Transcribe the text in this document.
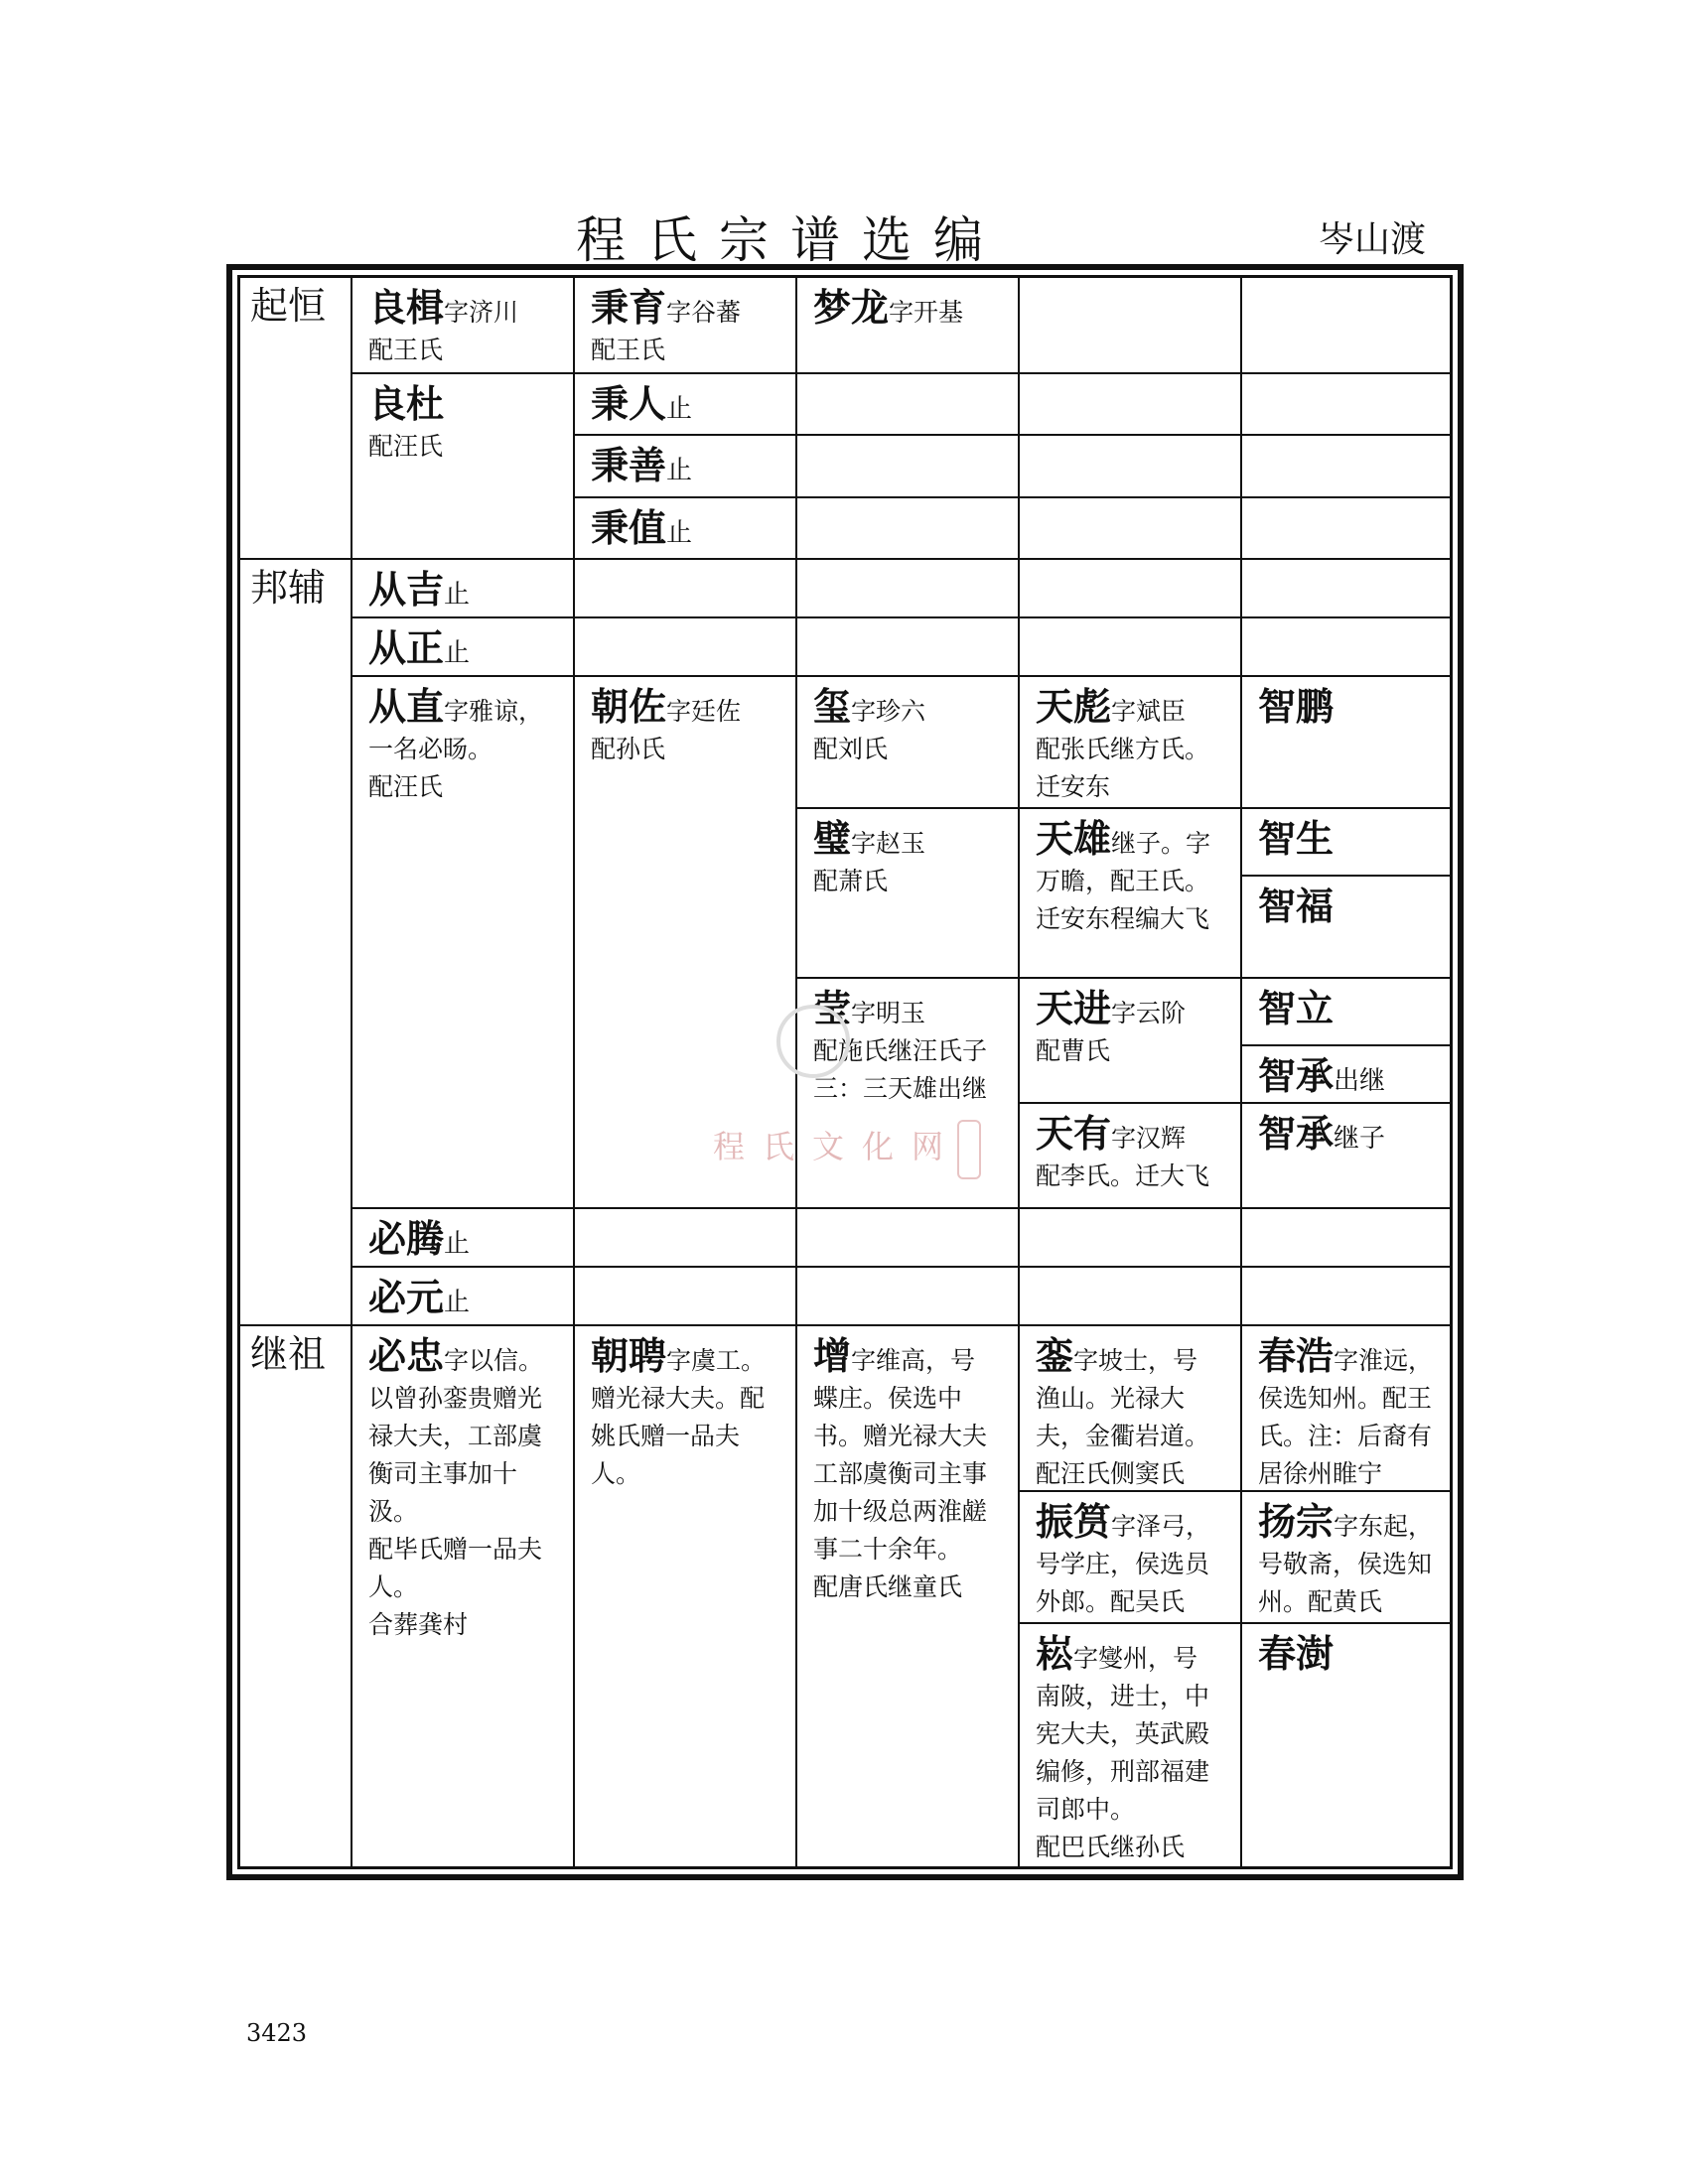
程氏宗谱选编	岑山渡
起恒
邦辅
继祖
良楫字济川
配王氏
良杜
配汪氏
秉育字谷蕃
配王氏
秉人止
秉善止
秉值止
梦龙字开基
从吉止
从正止
从直字雅谅，
一名必旸。
配汪氏
朝佐字廷佐
配孙氏
玺字珍六
配刘氏
璧字赵玉
配萧氏
莹字明玉
配施氏继汪氏子三：三天雄出继
天彪字斌臣
配张氏继方氏。迁安东
天雄继子。字
万瞻，配王氏。迁安东程编大飞
天进字云阶
配曹氏
天有字汉辉
配李氏。迁大飞
智鹏
智生
智福
智立
智承出继
智承继子
必腾止
必元止
必忠字以信。
以曾孙銮贵赠光禄大夫，工部虞衡司主事加十汲。
配毕氏赠一品夫人。
合葬龚村
朝聘字虞工。
赠光禄大夫。配姚氏赠一品夫人。
增字维高，号
蝶庄。侯选中书。赠光禄大夫工部虞衡司主事加十级总两淮鹾事二十余年。
配唐氏继童氏
銮字坡士，号
渔山。光禄大夫，金衢岩道。配汪氏侧窦氏
振筼字泽弓，
号学庄，侯选员外郎。配吴氏
崧字燮州，号
南陂，进士，中宪大夫，英武殿编修，刑部福建司郎中。
配巴氏继孙氏
春浩字淮远，
侯选知州。配王氏。注：后裔有居徐州睢宁
扬宗字东起，
号敬斋，侯选知州。配黄氏
春澍
程氏文化网
3423
